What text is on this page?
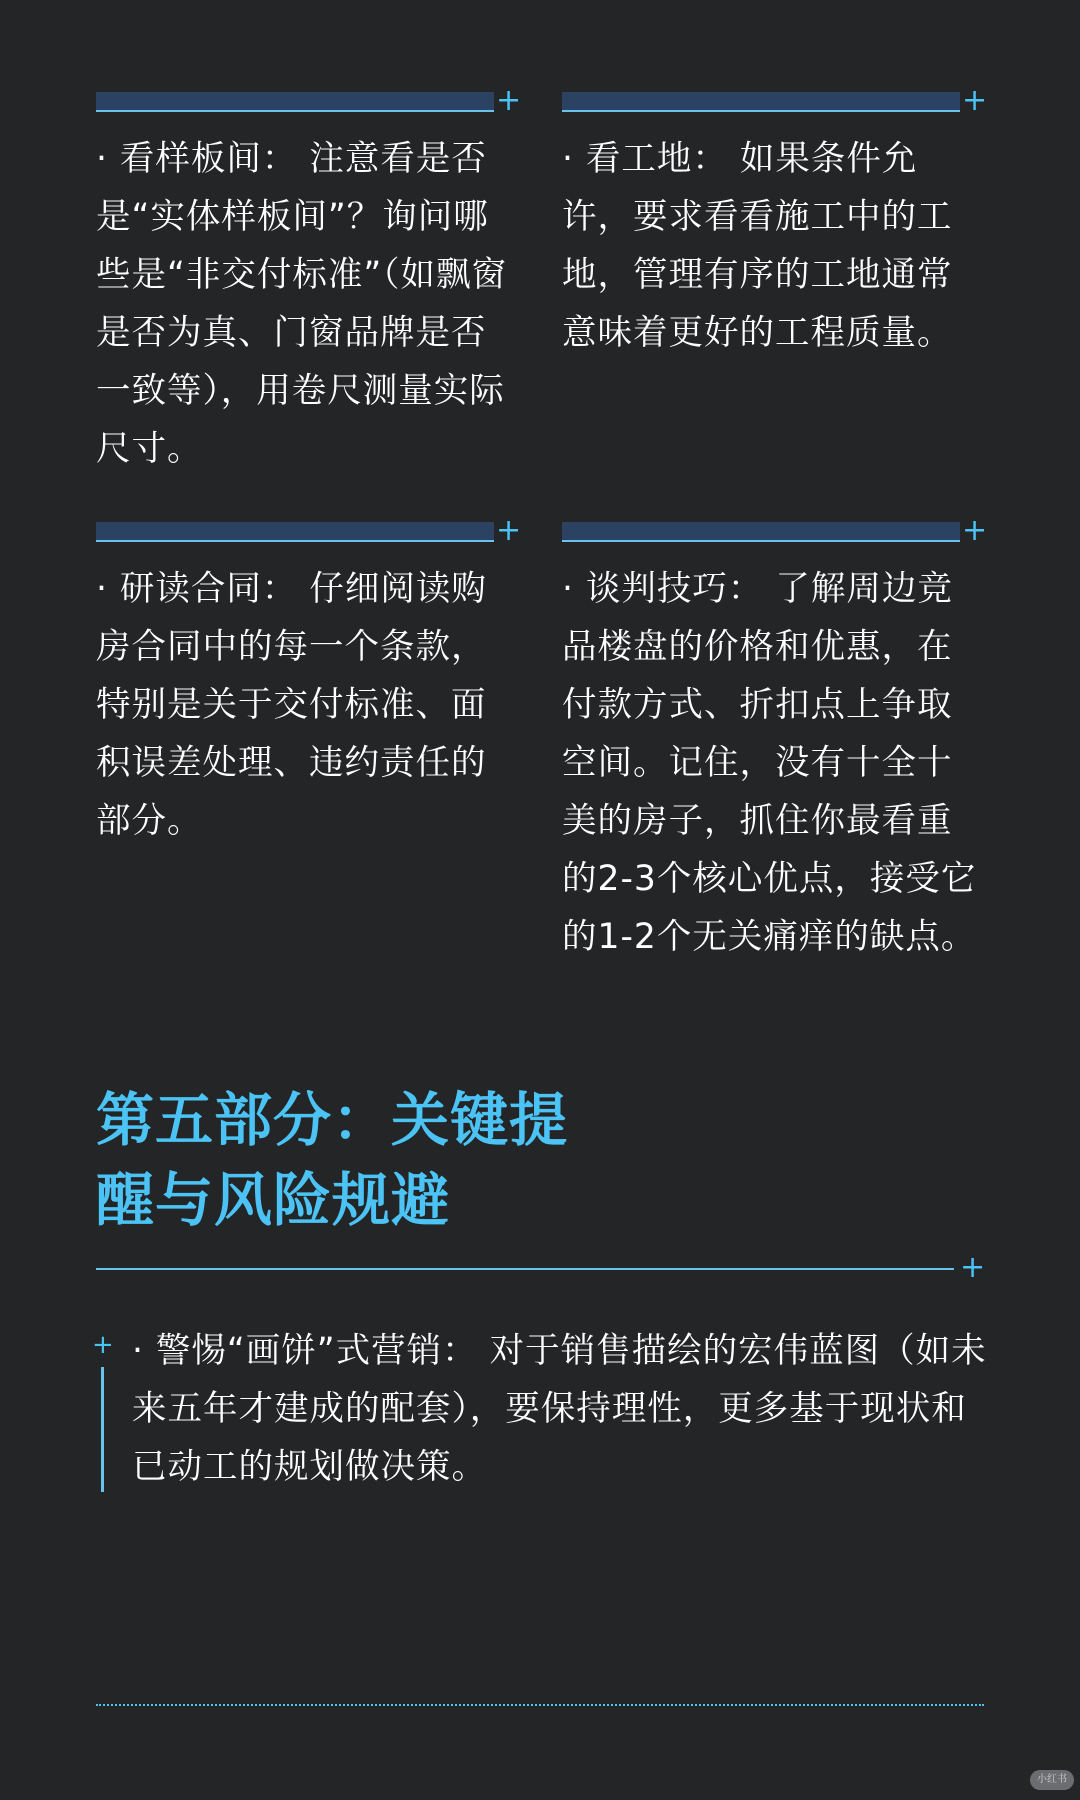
+
· 看样板间： 注意看是否是“实体样板间”？询问哪些是“非交付标准”（如飘窗是否为真、门窗品牌是否一致等），用卷尺测量实际尺寸。
+
· 看工地： 如果条件允许，要求看看施工中的工地，管理有序的工地通常意味着更好的工程质量。
+
· 研读合同： 仔细阅读购房合同中的每一个条款，特别是关于交付标准、面积误差处理、违约责任的部分。
+
· 谈判技巧： 了解周边竞品楼盘的价格和优惠，在付款方式、折扣点上争取空间。记住，没有十全十美的房子，抓住你最看重的2-3个核心优点，接受它的1-2个无关痛痒的缺点。
第五部分：关键提醒与风险规避
+
+ · 警惕“画饼”式营销： 对于销售描绘的宏伟蓝图（如未来五年才建成的配套），要保持理性，更多基于现状和已动工的规划做决策。
小红书
